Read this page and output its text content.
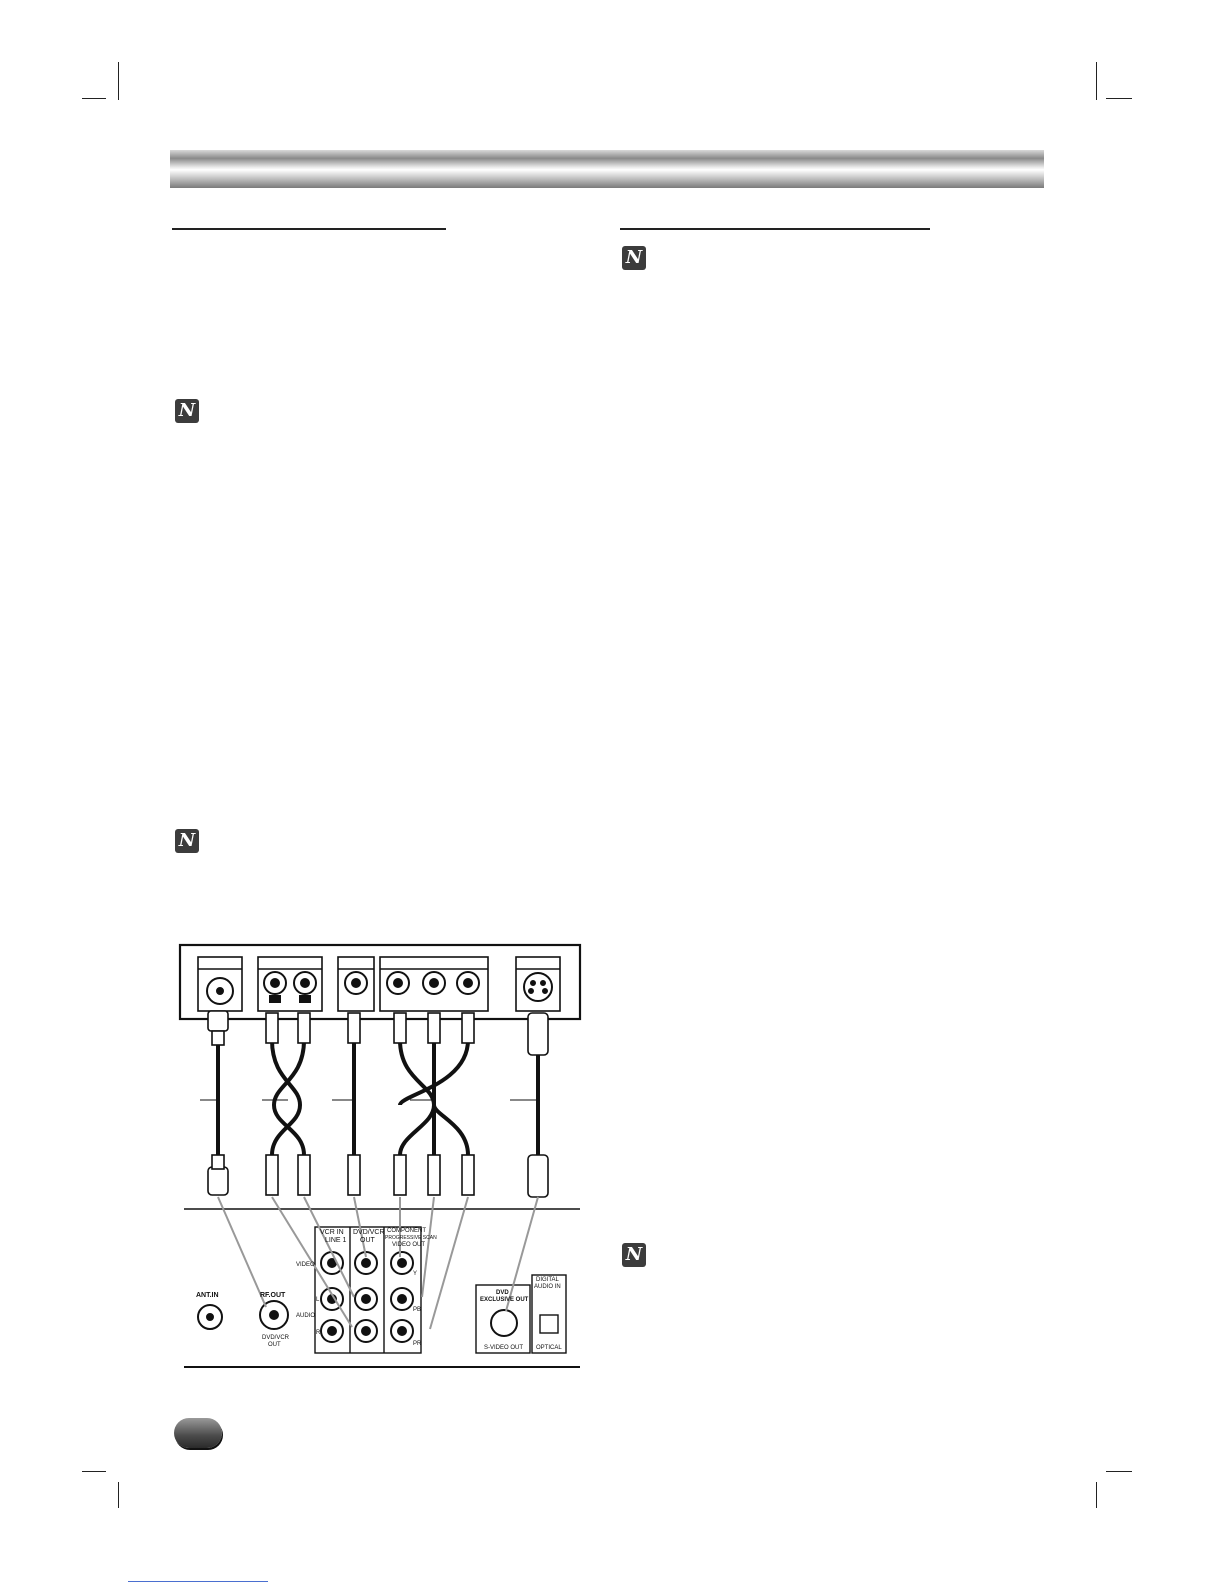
N
N
N
N
VCR IN
LINE 1
DVD/VCR
OUT
COMPONENT
PROGRESSIVE SCAN
VIDEO OUT
VIDEO
AUDIO
L
R
Y
PB
PR
ANT.IN	RF.OUT
DVD/VCR
OUT
DVD
EXCLUSIVE OUT
S-VIDEO OUT
DIGITAL
AUDIO IN
OPTICAL
